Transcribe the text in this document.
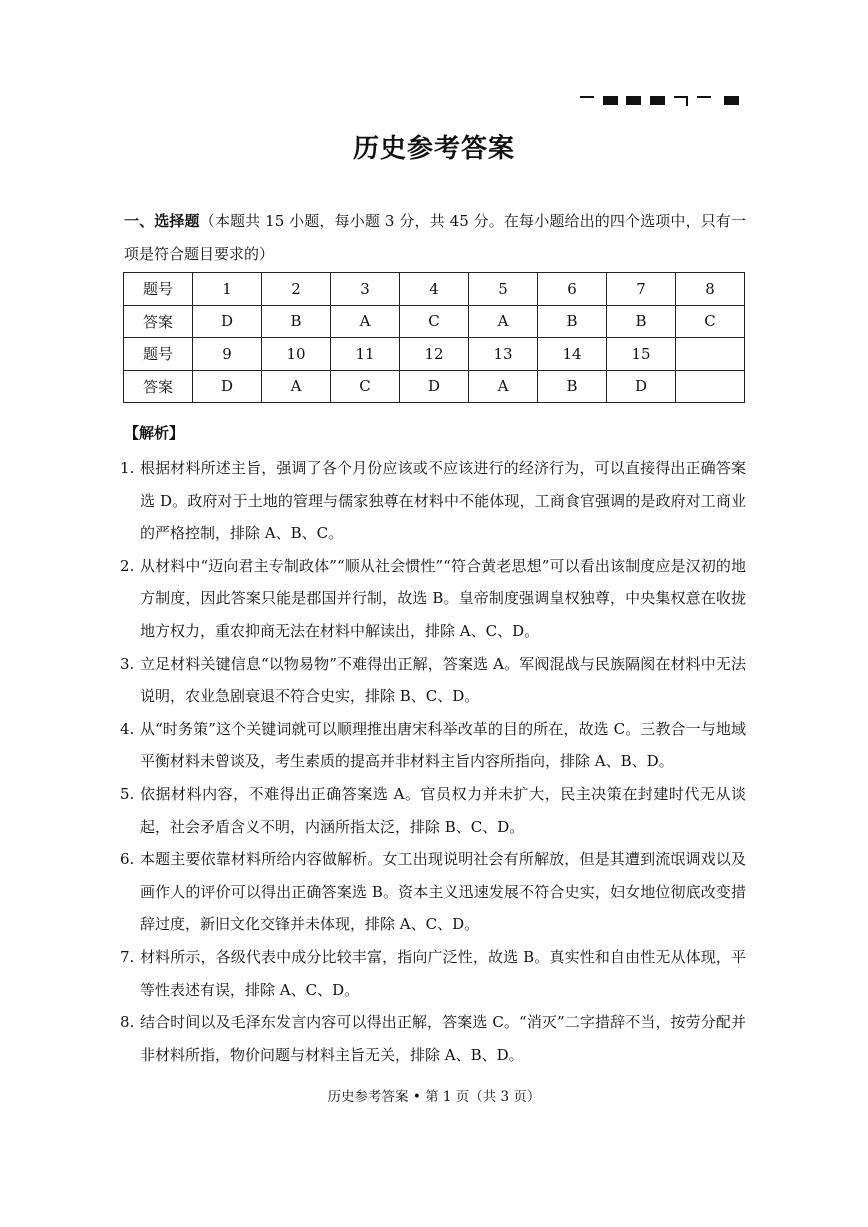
历史参考答案
一、选择题（本题共 15 小题，每小题 3 分，共 45 分。在每小题给出的四个选项中，只有一项是符合题目要求的）
题号	1	2	3	4	5	6	7	8
答案	D	B	A	C	A	B	B	C
题号	9	10	11	12	13	14	15	
答案	D	A	C	D	A	B	D	
【解析】
1. 根据材料所述主旨，强调了各个月份应该或不应该进行的经济行为，可以直接得出正确答案选 D。政府对于土地的管理与儒家独尊在材料中不能体现，工商食官强调的是政府对工商业的严格控制，排除 A、B、C。
2. 从材料中“迈向君主专制政体”“顺从社会惯性”“符合黄老思想”可以看出该制度应是汉初的地方制度，因此答案只能是郡国并行制，故选 B。皇帝制度强调皇权独尊，中央集权意在收拢地方权力，重农抑商无法在材料中解读出，排除 A、C、D。
3. 立足材料关键信息“以物易物”不难得出正解，答案选 A。军阀混战与民族隔阂在材料中无法说明，农业急剧衰退不符合史实，排除 B、C、D。
4. 从“时务策”这个关键词就可以顺理推出唐宋科举改革的目的所在，故选 C。三教合一与地域平衡材料未曾谈及，考生素质的提高并非材料主旨内容所指向，排除 A、B、D。
5. 依据材料内容，不难得出正确答案选 A。官员权力并未扩大，民主决策在封建时代无从谈起，社会矛盾含义不明，内涵所指太泛，排除 B、C、D。
6. 本题主要依靠材料所给内容做解析。女工出现说明社会有所解放，但是其遭到流氓调戏以及画作人的评价可以得出正确答案选 B。资本主义迅速发展不符合史实，妇女地位彻底改变措辞过度，新旧文化交锋并未体现，排除 A、C、D。
7. 材料所示，各级代表中成分比较丰富，指向广泛性，故选 B。真实性和自由性无从体现，平等性表述有误，排除 A、C、D。
8. 结合时间以及毛泽东发言内容可以得出正解，答案选 C。“消灭”二字措辞不当，按劳分配并非材料所指，物价问题与材料主旨无关，排除 A、B、D。
历史参考答案 • 第 1 页（共 3 页）
